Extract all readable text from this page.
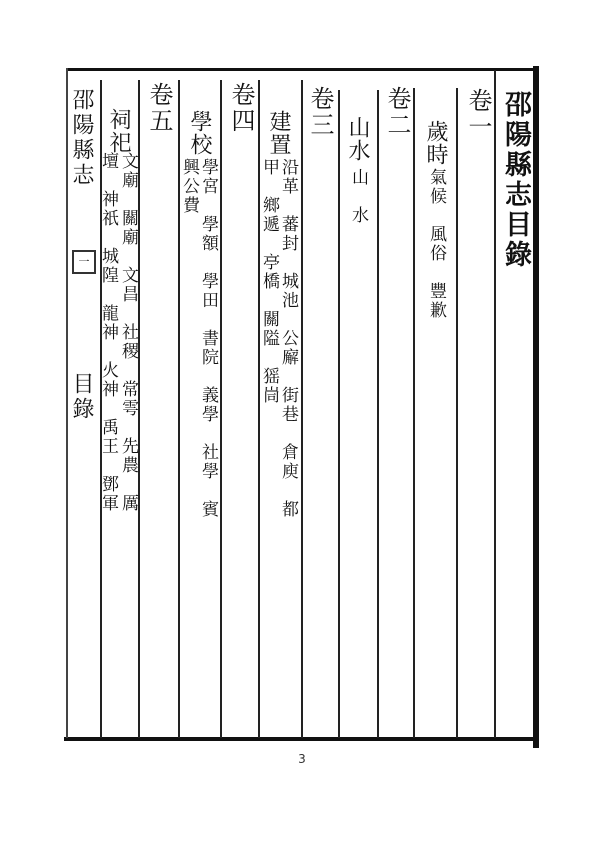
邵陽縣志目錄
卷一
歲時
氣候　風俗　豐歉
卷二
山水
山　水
卷三
建置
沿革　蕃封　城池　公廨　街巷　倉庾　都
甲　鄉遞　亭橋　關隘　猺峝
卷四
學校
學宮　學額　學田　書院　義學　社學　賓
興公費
卷五
祠祀
文廟　關廟　文昌　社稷　常雩　先農　厲
壇　神祇　城隍　龍神　火神　禹王　鄧軍
邵陽縣志
一
目錄
3
